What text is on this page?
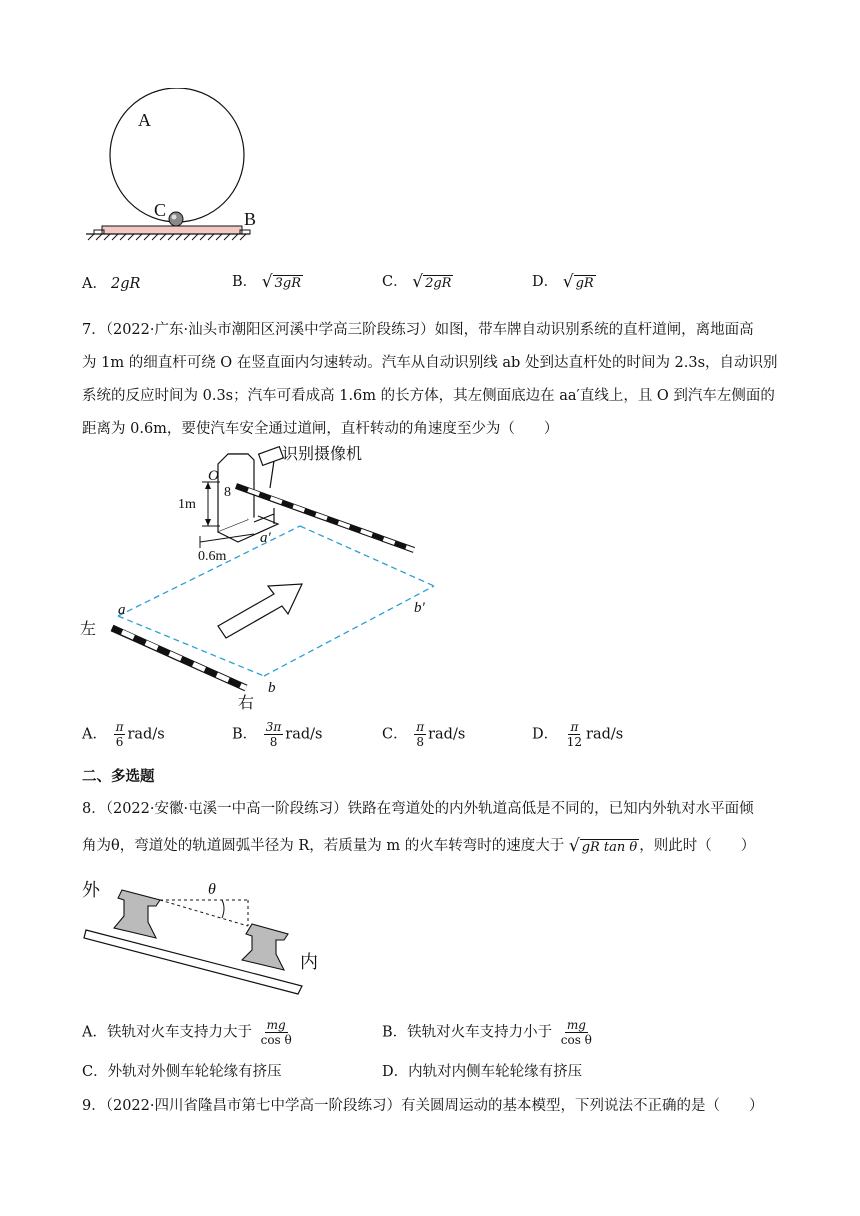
A
C	B
A． 2gR	B． √ 3gR	C． √ 2gR	D． √ gR
7．（2022·广东·汕头市潮阳区河溪中学高三阶段练习）如图，带车牌自动识别系统的直杆道闸，离地面高
为 1m 的细直杆可绕 O 在竖直面内匀速转动。汽车从自动识别线 ab 处到达直杆处的时间为 2.3s，自动识别
系统的反应时间为 0.3s；汽车可看成高 1.6m 的长方体，其左侧面底边在 aa′直线上，且 O 到汽车左侧面的
距离为 0.6m，要使汽车安全通过道闸，直杆转动的角速度至少为（　　）
8
1m
O
0.6m
a′
a	b′
b
左
右
识别摄像机
A． $\frac{\pi}{6} rad/s$	B． $\frac{3\pi}{8} rad/s$	C． $\frac{\pi}{8} rad/s$	D． $\frac{\pi}{12} rad/s$
二、多选题
8．（2022·安徽·屯溪一中高一阶段练习）铁路在弯道处的内外轨道高低是不同的，已知内外轨对水平面倾
角为θ，弯道处的轨道圆弧半径为 R，若质量为 m 的火车转弯时的速度大于 √ gR tan θ ，则此时（　　）
θ
外
内
A．铁轨对火车支持力大于 $\frac{mg}{\text{cos θ}}$	B．铁轨对火车支持力小于 $\frac{mg}{\text{cos θ}}$
C．外轨对外侧车轮轮缘有挤压	D．内轨对内侧车轮轮缘有挤压
9．（2022·四川省隆昌市第七中学高一阶段练习）有关圆周运动的基本模型，下列说法不正确的是（　　）
